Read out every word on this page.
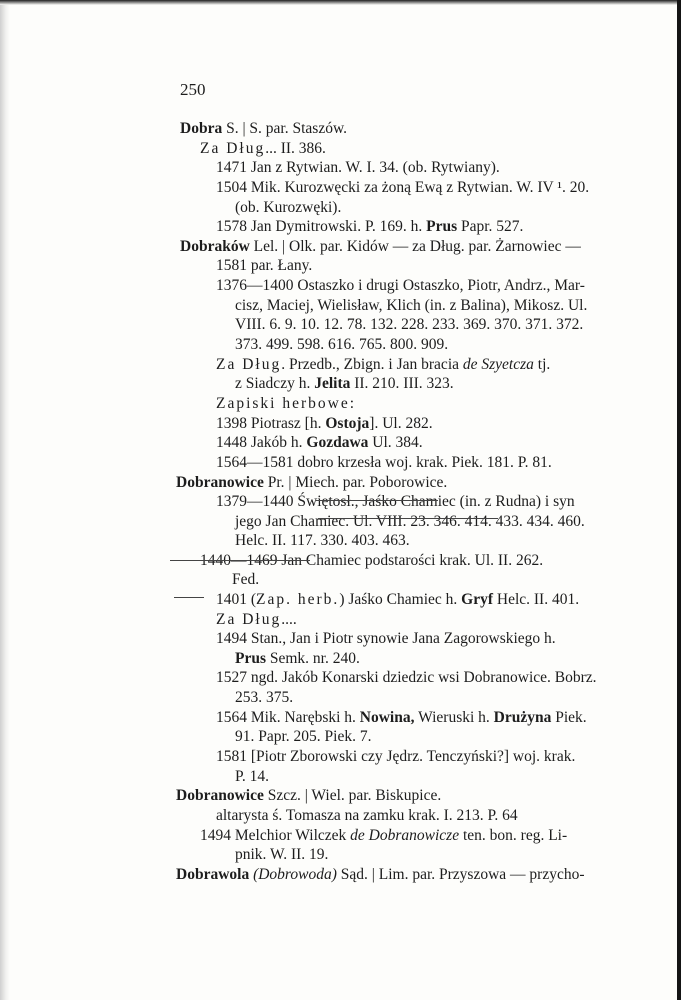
250
Dobra S. | S. par. Staszów.
Za Dług... II. 386.
1471 Jan z Rytwian. W. I. 34. (ob. Rytwiany).
1504 Mik. Kurozwęcki za żoną Ewą z Rytwian. W. IV ¹. 20.
(ob. Kurozwęki).
1578 Jan Dymitrowski. P. 169. h. Prus Papr. 527.
Dobraków Lel. | Olk. par. Kidów — za Dług. par. Żarnowiec —
1581 par. Łany.
1376—1400 Ostaszko i drugi Ostaszko, Piotr, Andrz., Mar-
cisz, Maciej, Wielisław, Klich (in. z Balina), Mikosz. Ul.
VIII. 6. 9. 10. 12. 78. 132. 228. 233. 369. 370. 371. 372.
373. 499. 598. 616. 765. 800. 909.
Za Dług. Przedb., Zbign. i Jan bracia de Szyetcza tj.
z Siadczy h. Jelita II. 210. III. 323.
Zapiski herbowe:
1398 Piotrasz [h. Ostoja]. Ul. 282.
1448 Jakób h. Gozdawa Ul. 384.
1564—1581 dobro krzesła woj. krak. Piek. 181. P. 81.
Dobranowice Pr. | Miech. par. Poborowice.
1379—1440 Świętosł., Jaśko Chamiec (in. z Rudna) i syn
jego Jan Chamiec. Ul. VIII. 23. 346. 414. 433. 434. 460.
Helc. II. 117. 330. 403. 463.
1440—1469 Jan Chamiec podstarości krak. Ul. II. 262.
Fed.
1401 (Zap. herb.) Jaśko Chamiec h. Gryf Helc. II. 401.
Za Dług....
1494 Stan., Jan i Piotr synowie Jana Zagorowskiego h.
Prus Semk. nr. 240.
1527 ngd. Jakób Konarski dziedzic wsi Dobranowice. Bobrz.
253. 375.
1564 Mik. Narębski h. Nowina, Wieruski h. Drużyna Piek.
91. Papr. 205. Piek. 7.
1581 [Piotr Zborowski czy Jędrz. Tenczyński?] woj. krak.
P. 14.
Dobranowice Szcz. | Wiel. par. Biskupice.
altarysta ś. Tomasza na zamku krak. I. 213. P. 64
1494 Melchior Wilczek de Dobranowicze ten. bon. reg. Li-
pnik. W. II. 19.
Dobrawola (Dobrowoda) Sąd. | Lim. par. Przyszowa — przycho-
